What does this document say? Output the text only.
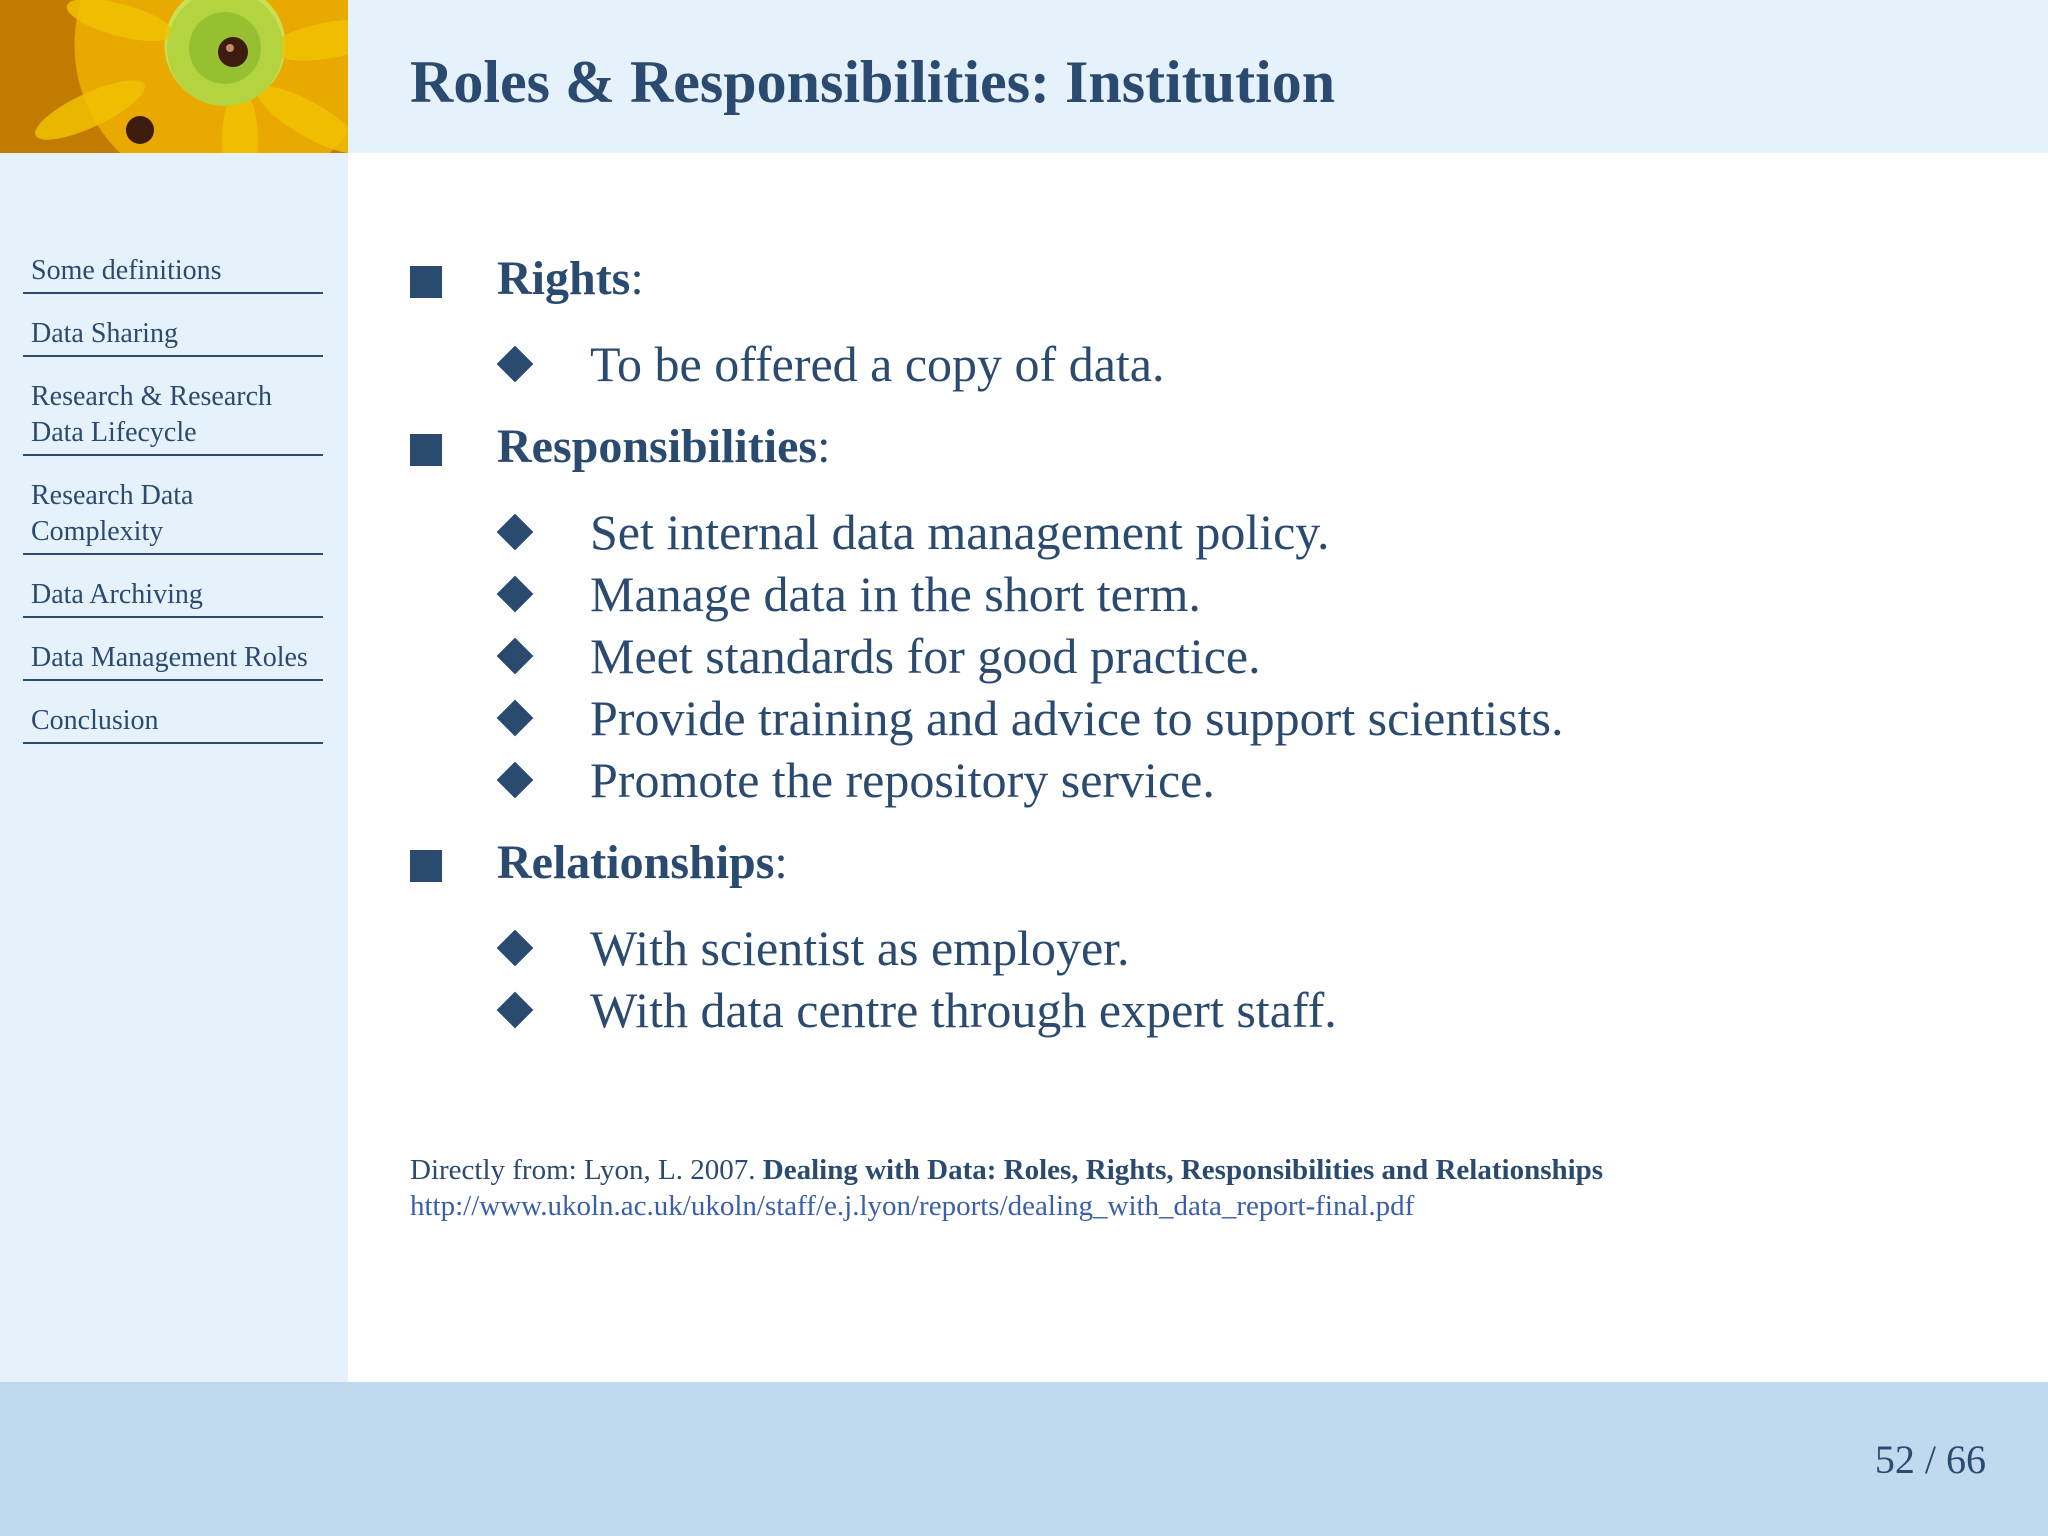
Roles & Responsibilities: Institution
Some definitions
Data Sharing
Research & Research Data Lifecycle
Research Data Complexity
Data Archiving
Data Management Roles
Conclusion
Rights:
To be offered a copy of data.
Responsibilities:
Set internal data management policy.
Manage data in the short term.
Meet standards for good practice.
Provide training and advice to support scientists.
Promote the repository service.
Relationships:
With scientist as employer.
With data centre through expert staff.
Directly from: Lyon, L. 2007. Dealing with Data: Roles, Rights, Responsibilities and Relationships
http://www.ukoln.ac.uk/ukoln/staff/e.j.lyon/reports/dealing_with_data_report-final.pdf
52 / 66
